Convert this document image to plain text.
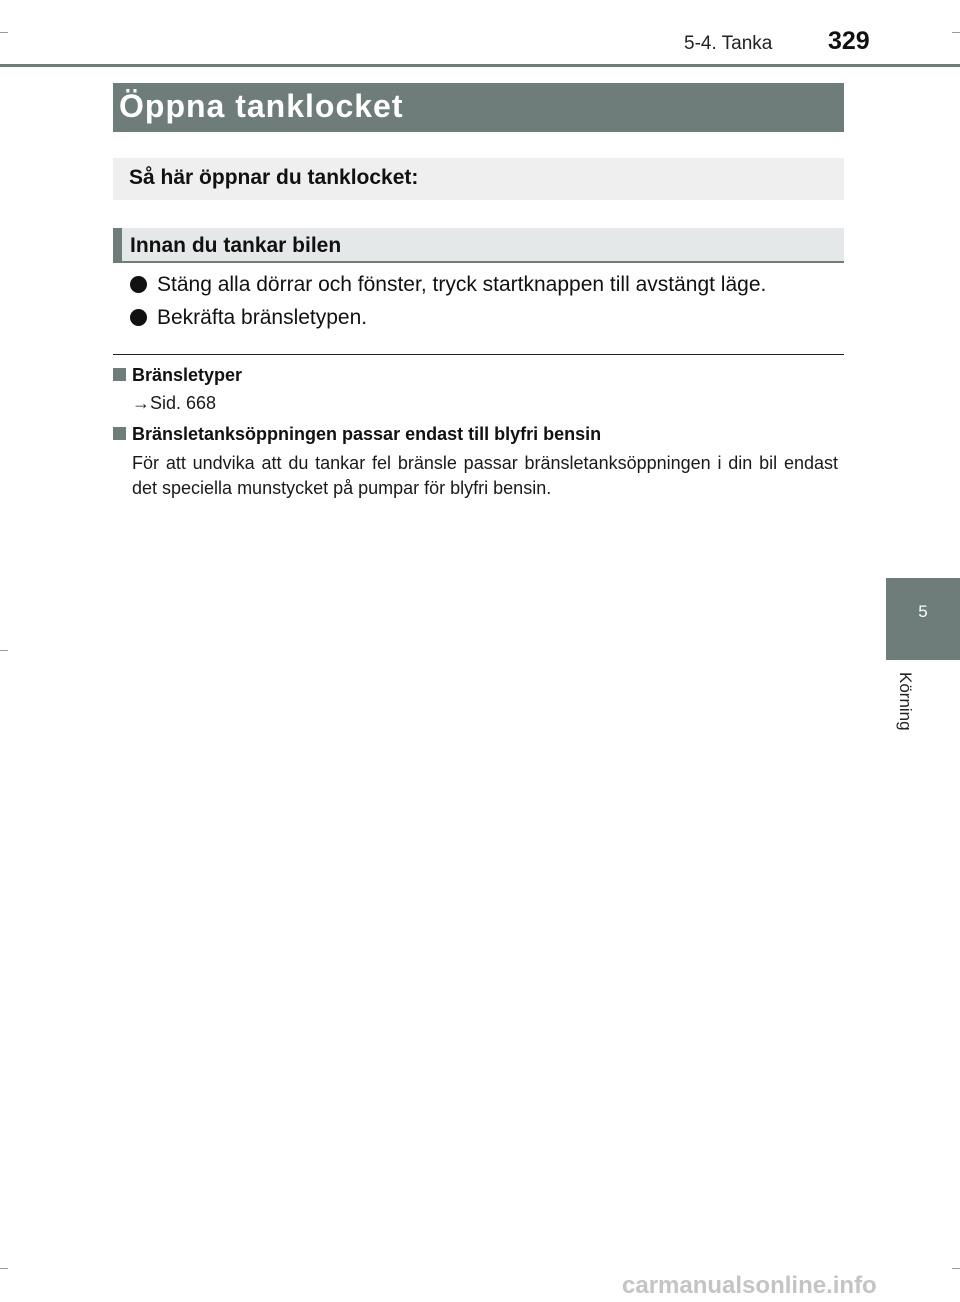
5-4. Tanka 329
Öppna tanklocket
Så här öppnar du tanklocket:
Innan du tankar bilen
Stäng alla dörrar och fönster, tryck startknappen till avstängt läge.
Bekräfta bränsletypen.
Bränsletyper
→Sid. 668
Bränsletanksöppningen passar endast till blyfri bensin
För att undvika att du tankar fel bränsle passar bränsletanksöppningen i din bil endast det speciella munstycket på pumpar för blyfri bensin.
5
Körning
carmanualsonline.info
